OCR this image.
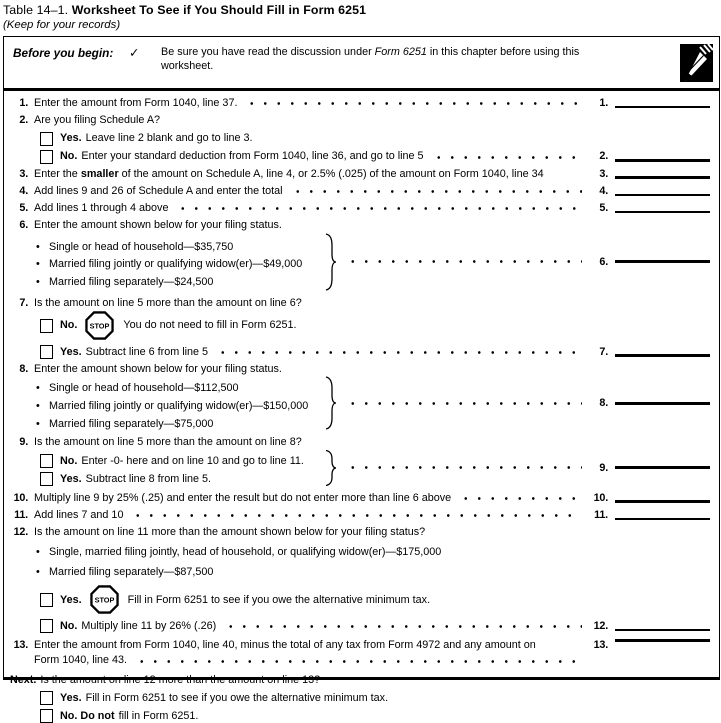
Table 14–1. Worksheet To See if You Should Fill in Form 6251
(Keep for your records)
Before you begin:	✓	Be sure you have read the discussion under Form 6251 in this chapter before using this worksheet.
1. Enter the amount from Form 1040, line 37.	1.
2. Are you filing Schedule A?
Yes. Leave line 2 blank and go to line 3.
No. Enter your standard deduction from Form 1040, line 36, and go to line 5	2.
3. Enter the smaller of the amount on Schedule A, line 4, or 2.5% (.025) of the amount on Form 1040, line 34	3.
4. Add lines 9 and 26 of Schedule A and enter the total	4.
5. Add lines 1 through 4 above	5.
6. Enter the amount shown below for your filing status.
• Single or head of household—$35,750
• Married filing jointly or qualifying widow(er)—$49,000
• Married filing separately—$24,500
6.
7. Is the amount on line 5 more than the amount on line 6?
No. STOP You do not need to fill in Form 6251.
Yes. Subtract line 6 from line 5	7.
8. Enter the amount shown below for your filing status.
• Single or head of household—$112,500
• Married filing jointly or qualifying widow(er)—$150,000
• Married filing separately—$75,000
8.
9. Is the amount on line 5 more than the amount on line 8?
No. Enter -0- here and on line 10 and go to line 11.
Yes. Subtract line 8 from line 5.
9.
10. Multiply line 9 by 25% (.25) and enter the result but do not enter more than line 6 above	10.
11. Add lines 7 and 10	11.
12. Is the amount on line 11 more than the amount shown below for your filing status?
• Single, married filing jointly, head of household, or qualifying widow(er)—$175,000
• Married filing separately—$87,500
Yes. STOP Fill in Form 6251 to see if you owe the alternative minimum tax.
No. Multiply line 11 by 26% (.26)	12.
13. Enter the amount from Form 1040, line 40, minus the total of any tax from Form 4972 and any amount on
Form 1040, line 43.
13.
Next. Is the amount on line 12 more than the amount on line 13?
Yes. Fill in Form 6251 to see if you owe the alternative minimum tax.
No. Do not fill in Form 6251.
